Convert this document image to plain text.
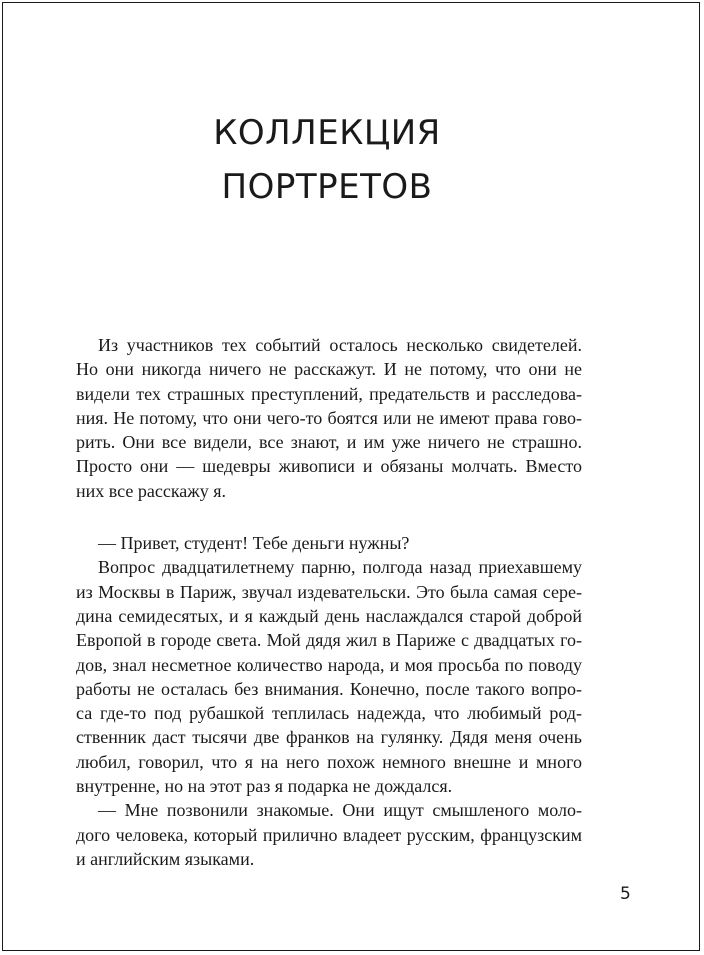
КОЛЛЕКЦИЯ
ПОРТРЕТОВ
Из участников тех событий осталось несколько свидетелей.
Но они никогда ничего не расскажут. И не потому, что они не
видели тех страшных преступлений, предательств и расследова-
ния. Не потому, что они чего-то боятся или не имеют права гово-
рить. Они все видели, все знают, и им уже ничего не страшно.
Просто они — шедевры живописи и обязаны молчать. Вместо
них все расскажу я.
— Привет, студент! Тебе деньги нужны?
Вопрос двадцатилетнему парню, полгода назад приехавшему
из Москвы в Париж, звучал издевательски. Это была самая сере-
дина семидесятых, и я каждый день наслаждался старой доброй
Европой в городе света. Мой дядя жил в Париже с двадцатых го-
дов, знал несметное количество народа, и моя просьба по поводу
работы не осталась без внимания. Конечно, после такого вопро-
са где-то под рубашкой теплилась надежда, что любимый род-
ственник даст тысячи две франков на гулянку. Дядя меня очень
любил, говорил, что я на него похож немного внешне и много
внутренне, но на этот раз я подарка не дождался.
— Мне позвонили знакомые. Они ищут смышленого моло-
дого человека, который прилично владеет русским, французским
и английским языками.
5
